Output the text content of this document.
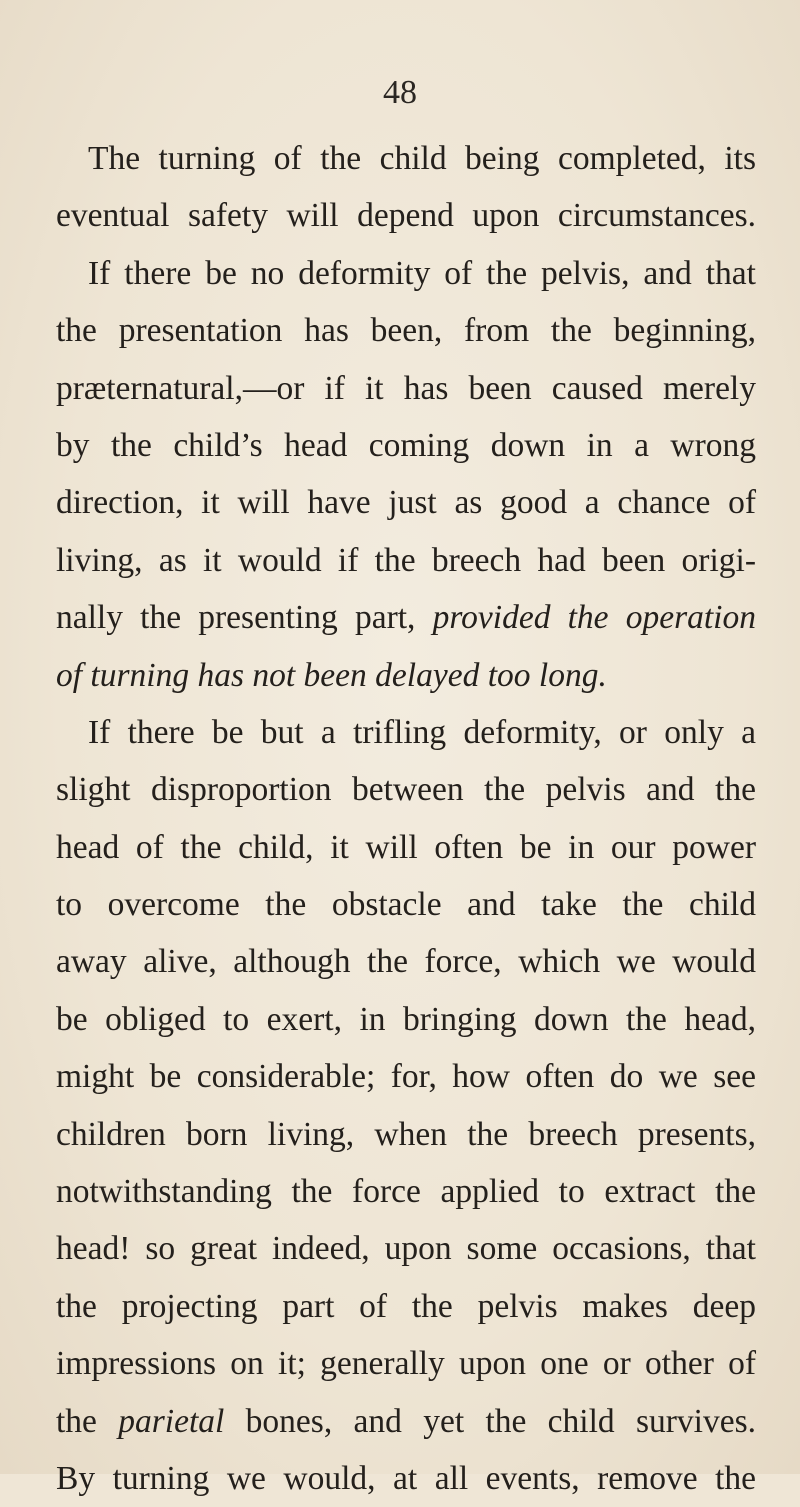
48
The turning of the child being completed, its
eventual safety will depend upon circumstances.
If there be no deformity of the pelvis, and that
the presentation has been, from the beginning,
præternatural,—or if it has been caused merely
by the child’s head coming down in a wrong
direction, it will have just as good a chance of
living, as it would if the breech had been origi-
nally the presenting part, provided the operation
of turning has not been delayed too long.
If there be but a trifling deformity, or only a
slight disproportion between the pelvis and the
head of the child, it will often be in our power
to overcome the obstacle and take the child
away alive, although the force, which we would
be obliged to exert, in bringing down the head,
might be considerable; for, how often do we see
children born living, when the breech presents,
notwithstanding the force applied to extract the
head! so great indeed, upon some occasions, that
the projecting part of the pelvis makes deep
impressions on it; generally upon one or other of
the parietal bones, and yet the child survives.
By turning we would, at all events, remove the
